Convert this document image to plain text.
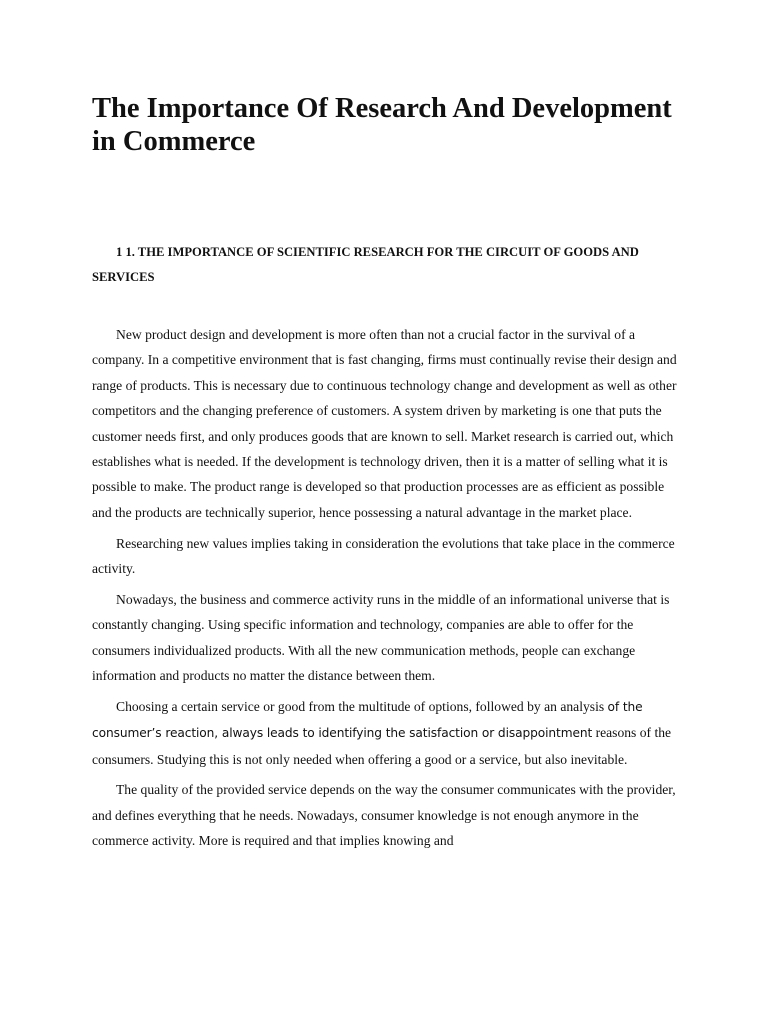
The Importance Of Research And Development in Commerce
1 1. THE IMPORTANCE OF SCIENTIFIC RESEARCH FOR THE CIRCUIT OF GOODS AND SERVICES

New product design and development is more often than not a crucial factor in the survival of a company. In a competitive environment that is fast changing, firms must continually revise their design and range of products. This is necessary due to continuous technology change and development as well as other competitors and the changing preference of customers. A system driven by marketing is one that puts the customer needs first, and only produces goods that are known to sell. Market research is carried out, which establishes what is needed. If the development is technology driven, then it is a matter of selling what it is possible to make. The product range is developed so that production processes are as efficient as possible and the products are technically superior, hence possessing a natural advantage in the market place.

Researching new values implies taking in consideration the evolutions that take place in the commerce activity.

Nowadays, the business and commerce activity runs in the middle of an informational universe that is constantly changing. Using specific information and technology, companies are able to offer for the consumers individualized products. With all the new communication methods, people can exchange information and products no matter the distance between them.

Choosing a certain service or good from the multitude of options, followed by an analysis of the consumer’s reaction, always leads to identifying the satisfaction or disappointment reasons of the consumers. Studying this is not only needed when offering a good or a service, but also inevitable.

The quality of the provided service depends on the way the consumer communicates with the provider, and defines everything that he needs. Nowadays, consumer knowledge is not enough anymore in the commerce activity. More is required and that implies knowing and
